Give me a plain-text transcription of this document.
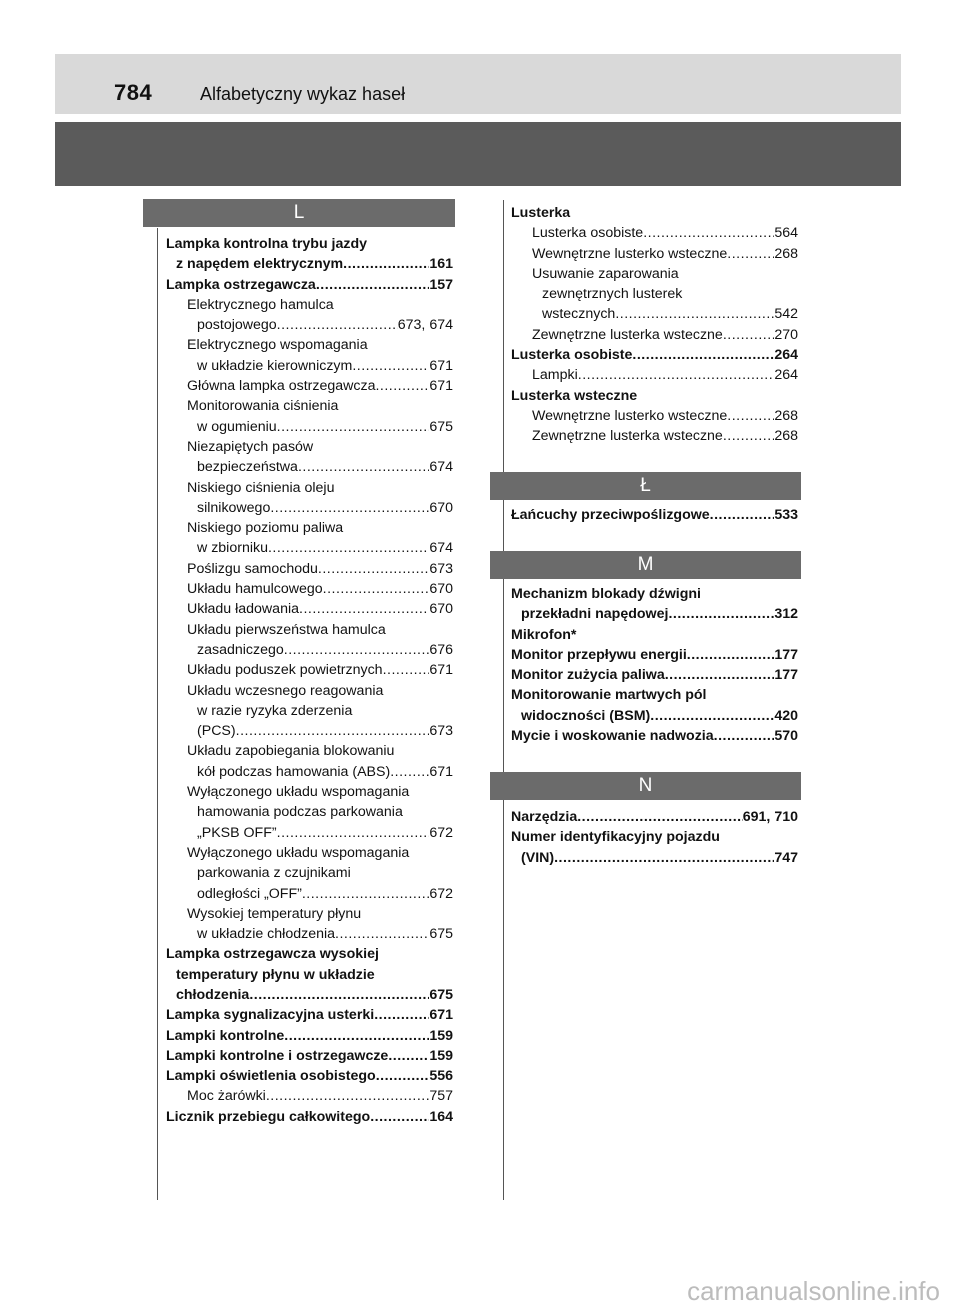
784	Alfabetyczny wykaz haseł
L
Lampka kontrolna trybu jazdy
z napędem elektrycznym .....	161
Lampka ostrzegawcza .....	157
Elektrycznego hamulca
postojowego .....	673, 674
Elektrycznego wspomagania
w układzie kierowniczym .....	671
Główna lampka ostrzegawcza .....	671
Monitorowania ciśnienia
w ogumieniu .....	675
Niezapiętych pasów
bezpieczeństwa .....	674
Niskiego ciśnienia oleju
silnikowego .....	670
Niskiego poziomu paliwa
w zbiorniku .....	674
Poślizgu samochodu .....	673
Układu hamulcowego .....	670
Układu ładowania .....	670
Układu pierwszeństwa hamulca
zasadniczego .....	676
Układu poduszek powietrznych .....	671
Układu wczesnego reagowania
w razie ryzyka zderzenia
(PCS) .....	673
Układu zapobiegania blokowaniu
kół podczas hamowania (ABS) .....	671
Wyłączonego układu wspomagania
hamowania podczas parkowania
„PKSB OFF” .....	672
Wyłączonego układu wspomagania
parkowania z czujnikami
odległości „OFF” .....	672
Wysokiej temperatury płynu
w układzie chłodzenia .....	675
Lampka ostrzegawcza wysokiej
temperatury płynu w układzie
chłodzenia .....	675
Lampka sygnalizacyjna usterki .....	671
Lampki kontrolne .....	159
Lampki kontrolne i ostrzegawcze .....	159
Lampki oświetlenia osobistego .....	556
Moc żarówki .....	757
Licznik przebiegu całkowitego .....	164
Lusterka
Lusterka osobiste .....	564
Wewnętrzne lusterko wsteczne .....	268
Usuwanie zaparowania
zewnętrznych lusterek
wstecznych .....	542
Zewnętrzne lusterka wsteczne .....	270
Lusterka osobiste .....	264
Lampki .....	264
Lusterka wsteczne
Wewnętrzne lusterko wsteczne .....	268
Zewnętrzne lusterka wsteczne .....	268
Ł
Łańcuchy przeciwpoślizgowe .....	533
M
Mechanizm blokady dźwigni
przekładni napędowej .....	312
Mikrofon*
Monitor przepływu energii .....	177
Monitor zużycia paliwa .....	177
Monitorowanie martwych pól
widoczności (BSM) .....	420
Mycie i woskowanie nadwozia .....	570
N
Narzędzia .....	691, 710
Numer identyfikacyjny pojazdu
(VIN) .....	747
carmanualsonline.info
